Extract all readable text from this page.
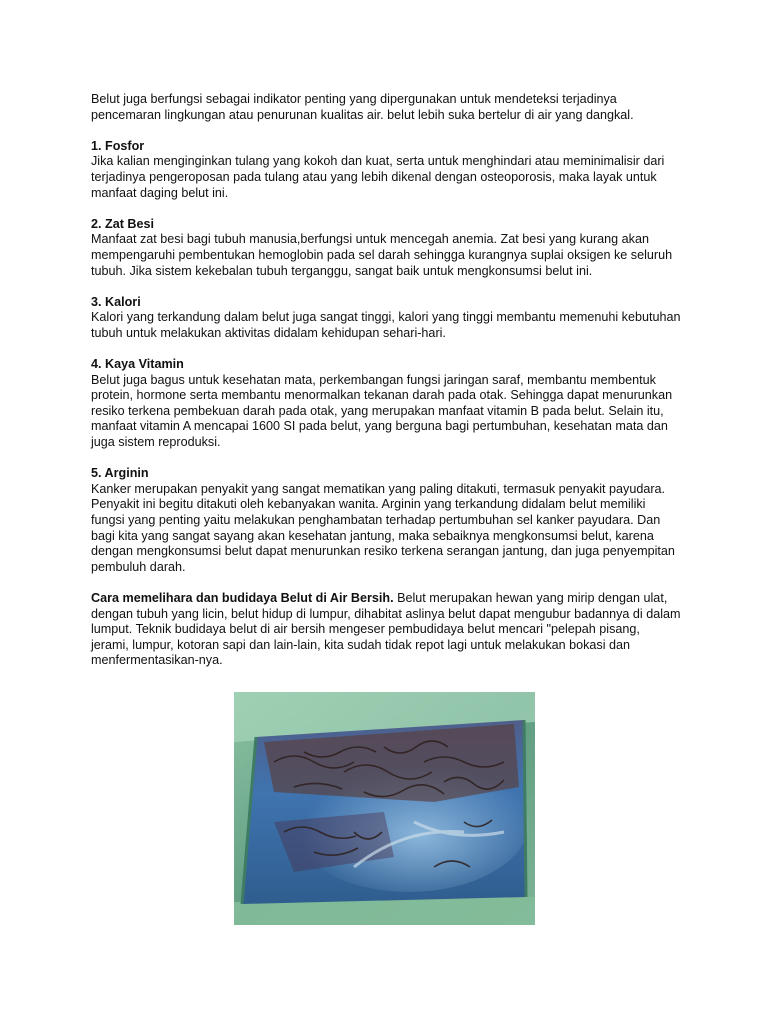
Belut juga berfungsi sebagai indikator penting yang dipergunakan untuk mendeteksi terjadinya pencemaran lingkungan atau penurunan kualitas air. belut lebih suka bertelur di air yang dangkal.

1. Fosfor
Jika kalian menginginkan tulang yang kokoh dan kuat, serta untuk menghindari atau meminimalisir dari terjadinya pengeroposan pada tulang atau yang lebih dikenal dengan osteoporosis, maka layak untuk manfaat daging belut ini.
2. Zat Besi
Manfaat zat besi bagi tubuh manusia,berfungsi untuk mencegah anemia. Zat besi yang kurang akan mempengaruhi pembentukan hemoglobin pada sel darah sehingga kurangnya suplai oksigen ke seluruh tubuh. Jika sistem kekebalan tubuh terganggu, sangat baik untuk mengkonsumsi belut ini.
3. Kalori
Kalori yang terkandung dalam belut juga sangat tinggi, kalori yang tinggi membantu memenuhi kebutuhan tubuh untuk melakukan aktivitas didalam kehidupan sehari-hari.
4. Kaya Vitamin
Belut juga bagus untuk kesehatan mata, perkembangan fungsi jaringan saraf, membantu membentuk protein, hormone serta membantu menormalkan tekanan darah pada otak. Sehingga dapat menurunkan resiko terkena pembekuan darah pada otak, yang merupakan manfaat vitamin B pada belut. Selain itu, manfaat vitamin A mencapai 1600 SI pada belut, yang berguna bagi pertumbuhan, kesehatan mata dan juga sistem reproduksi.
5. Arginin
Kanker merupakan penyakit yang sangat mematikan yang paling ditakuti, termasuk penyakit payudara. Penyakit ini begitu ditakuti oleh kebanyakan wanita. Arginin yang terkandung didalam belut memiliki fungsi yang penting yaitu melakukan penghambatan terhadap pertumbuhan sel kanker payudara. Dan bagi kita yang sangat sayang akan kesehatan jantung, maka sebaiknya mengkonsumsi belut, karena dengan mengkonsumsi belut dapat menurunkan resiko terkena serangan jantung, dan juga penyempitan pembuluh darah.

Cara memelihara dan budidaya Belut di Air Bersih. Belut merupakan hewan yang mirip dengan ulat, dengan tubuh yang licin, belut hidup di lumpur, dihabitat aslinya belut dapat mengubur badannya di dalam lumput. Teknik budidaya belut di air bersih mengeser pembudidaya belut mencari "pelepah pisang, jerami, lumpur, kotoran sapi dan lain-lain, kita sudah tidak repot lagi untuk melakukan bokasi dan menfermentasikan-nya.
